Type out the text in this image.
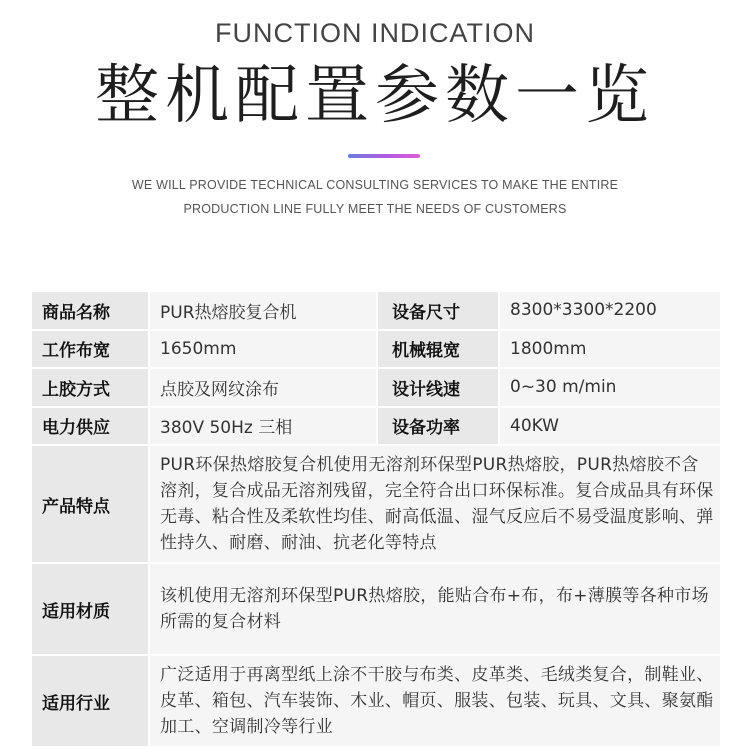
FUNCTION INDICATION
整机配置参数一览
WE WILL PROVIDE TECHNICAL CONSULTING SERVICES TO MAKE THE ENTIRE
PRODUCTION LINE FULLY MEET THE NEEDS OF CUSTOMERS
商品名称	PUR热熔胶复合机	设备尺寸	8300*3300*2200
工作布宽	1650mm	机械辊宽	1800mm
上胶方式	点胶及网纹涂布	设计线速	0~30 m/min
电力供应	380V 50Hz 三相	设备功率	40KW
产品特点	PUR环保热熔胶复合机使用无溶剂环保型PUR热熔胶，PUR热熔胶不含溶剂，复合成品无溶剂残留，完全符合出口环保标准。复合成品具有环保无毒、粘合性及柔软性均佳、耐高低温、湿气反应后不易受温度影响、弹性持久、耐磨、耐油、抗老化等特点		
适用材质	该机使用无溶剂环保型PUR热熔胶，能贴合布+布，布+薄膜等各种市场所需的复合材料		
适用行业	广泛适用于再离型纸上涂不干胶与布类、皮革类、毛绒类复合，制鞋业、皮革、箱包、汽车装饰、木业、帽页、服装、包装、玩具、文具、聚氨酯加工、空调制冷等行业		
